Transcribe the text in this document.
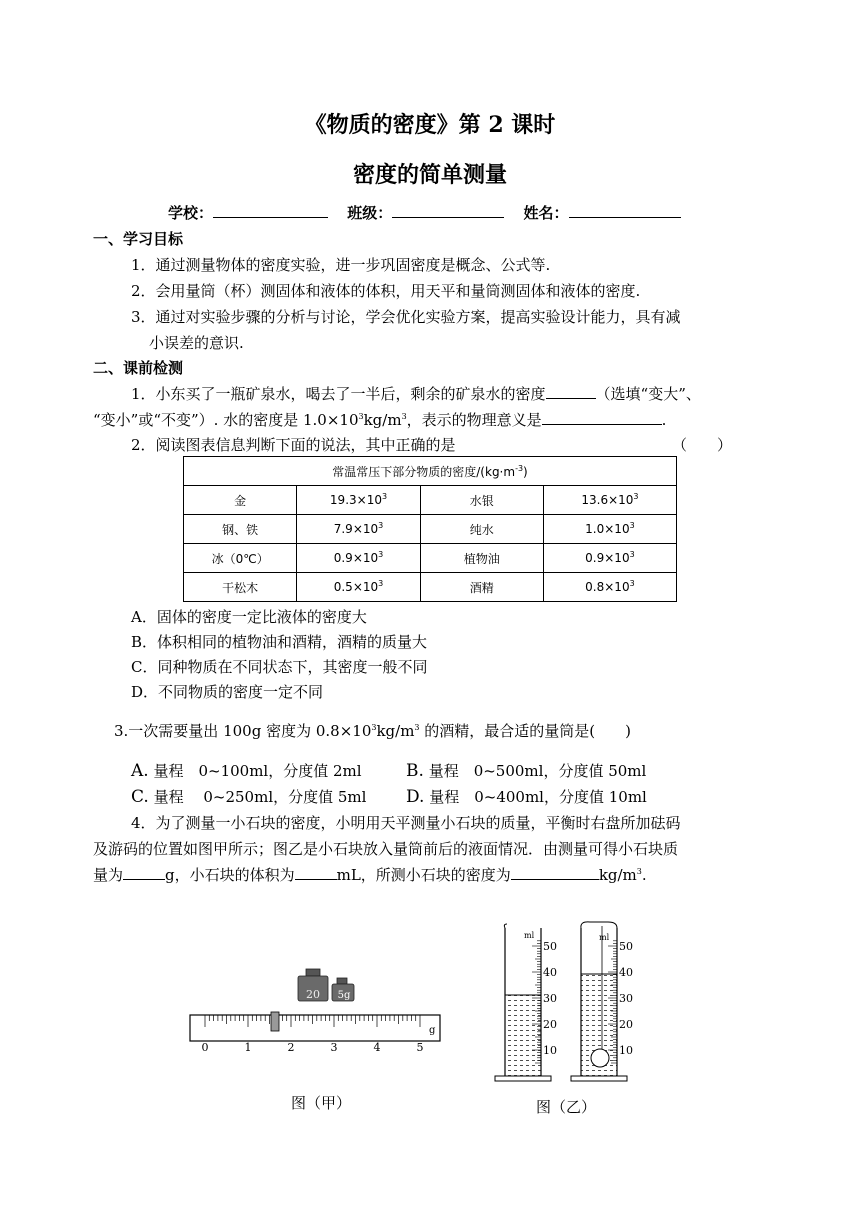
《物质的密度》第 2 课时
密度的简单测量
学校：	班级：	姓名：
一、学习目标
1．通过测量物体的密度实验，进一步巩固密度是概念、公式等.
2．会用量筒（杯）测固体和液体的体积，用天平和量筒测固体和液体的密度.
3．通过对实验步骤的分析与讨论，学会优化实验方案，提高实验设计能力，具有减
小误差的意识.
二、课前检测
1．小东买了一瓶矿泉水，喝去了一半后，剩余的矿泉水的密度	（选填“变大”、
“变小”或“不变”）. 水的密度是 $1.0\times 10^3kg/m^3$，表示的物理意义是	.
2．阅读图表信息判断下面的说法，其中正确的是	（　　）
常温常压下部分物质的密度$/(kg\cdot m^{-3})$			
金	$19.3\times 10^3$	水银	$13.6\times 10^3$
钢、铁	$7.9\times 10^3$	纯水	$1.0\times 10^3$
冰（0℃）	$0.9\times 10^3$	植物油	$0.9\times 10^3$
干松木	$0.5\times 10^3$	酒精	$0.8\times 10^3$
A．固体的密度一定比液体的密度大
B．体积相同的植物油和酒精，酒精的质量大
C．同种物质在不同状态下，其密度一般不同
D．不同物质的密度一定不同
3.一次需要量出 100g 密度为 $0.8\times 10^3kg/m^3$ 的酒精，最合适的量筒是(　　)
A. 量程　0~100ml，分度值 2ml	B. 量程　0~500ml，分度值 50ml
C. 量程　 0~250ml，分度值 5ml D. 量程　0~400ml，分度值 10ml
4．为了测量一小石块的密度，小明用天平测量小石块的质量，平衡时右盘所加砝码
及游码的位置如图甲所示；图乙是小石块放入量筒前后的液面情况．由测量可得小石块质
量为	g，小石块的体积为	mL，所测小石块的密度为	$kg/m^3$.
20 5g
g
0	1	2	3	4	5
图（甲）
50
40
30
20
10
ml
50
40
30
20
10
ml
图（乙）
